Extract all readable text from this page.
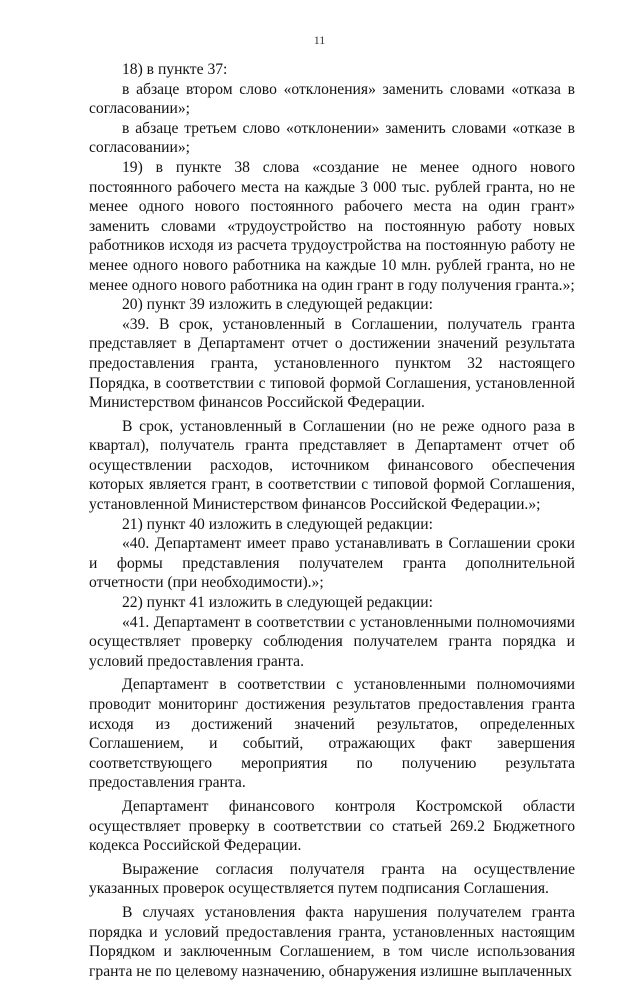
11

18) в пункте 37:

в абзаце втором слово «отклонения» заменить словами «отказа в согласовании»;

в абзаце третьем слово «отклонении» заменить словами «отказе в согласовании»;

19) в пункте 38 слова «создание не менее одного нового постоянного рабочего места на каждые 3 000 тыс. рублей гранта, но не менее одного нового постоянного рабочего места на один грант» заменить словами «трудоустройство на постоянную работу новых работников исходя из расчета трудоустройства на постоянную работу не менее одного нового работника на каждые 10 млн. рублей гранта, но не менее одного нового работника на один грант в году получения гранта.»;

20) пункт 39 изложить в следующей редакции:

«39. В срок, установленный в Соглашении, получатель гранта представляет в Департамент отчет о достижении значений результата предоставления гранта, установленного пунктом 32 настоящего Порядка, в соответствии с типовой формой Соглашения, установленной Министерством финансов Российской Федерации.

В срок, установленный в Соглашении (но не реже одного раза в квартал), получатель гранта представляет в Департамент отчет об осуществлении расходов, источником финансового обеспечения которых является грант, в соответствии с типовой формой Соглашения, установленной Министерством финансов Российской Федерации.»;

21) пункт 40 изложить в следующей редакции:

«40. Департамент имеет право устанавливать в Соглашении сроки и формы представления получателем гранта дополнительной отчетности (при необходимости).»;

22) пункт 41 изложить в следующей редакции:

«41. Департамент в соответствии с установленными полномочиями осуществляет проверку соблюдения получателем гранта порядка и условий предоставления гранта.

Департамент в соответствии с установленными полномочиями проводит мониторинг достижения результатов предоставления гранта исходя из достижений значений результатов, определенных Соглашением, и событий, отражающих факт завершения соответствующего мероприятия по получению результата предоставления гранта.

Департамент финансового контроля Костромской области осуществляет проверку в соответствии со статьей 269.2 Бюджетного кодекса Российской Федерации.

Выражение согласия получателя гранта на осуществление указанных проверок осуществляется путем подписания Соглашения.

В случаях установления факта нарушения получателем гранта порядка и условий предоставления гранта, установленных настоящим Порядком и заключенным Соглашением, в том числе использования гранта не по целевому назначению, обнаружения излишне выплаченных
